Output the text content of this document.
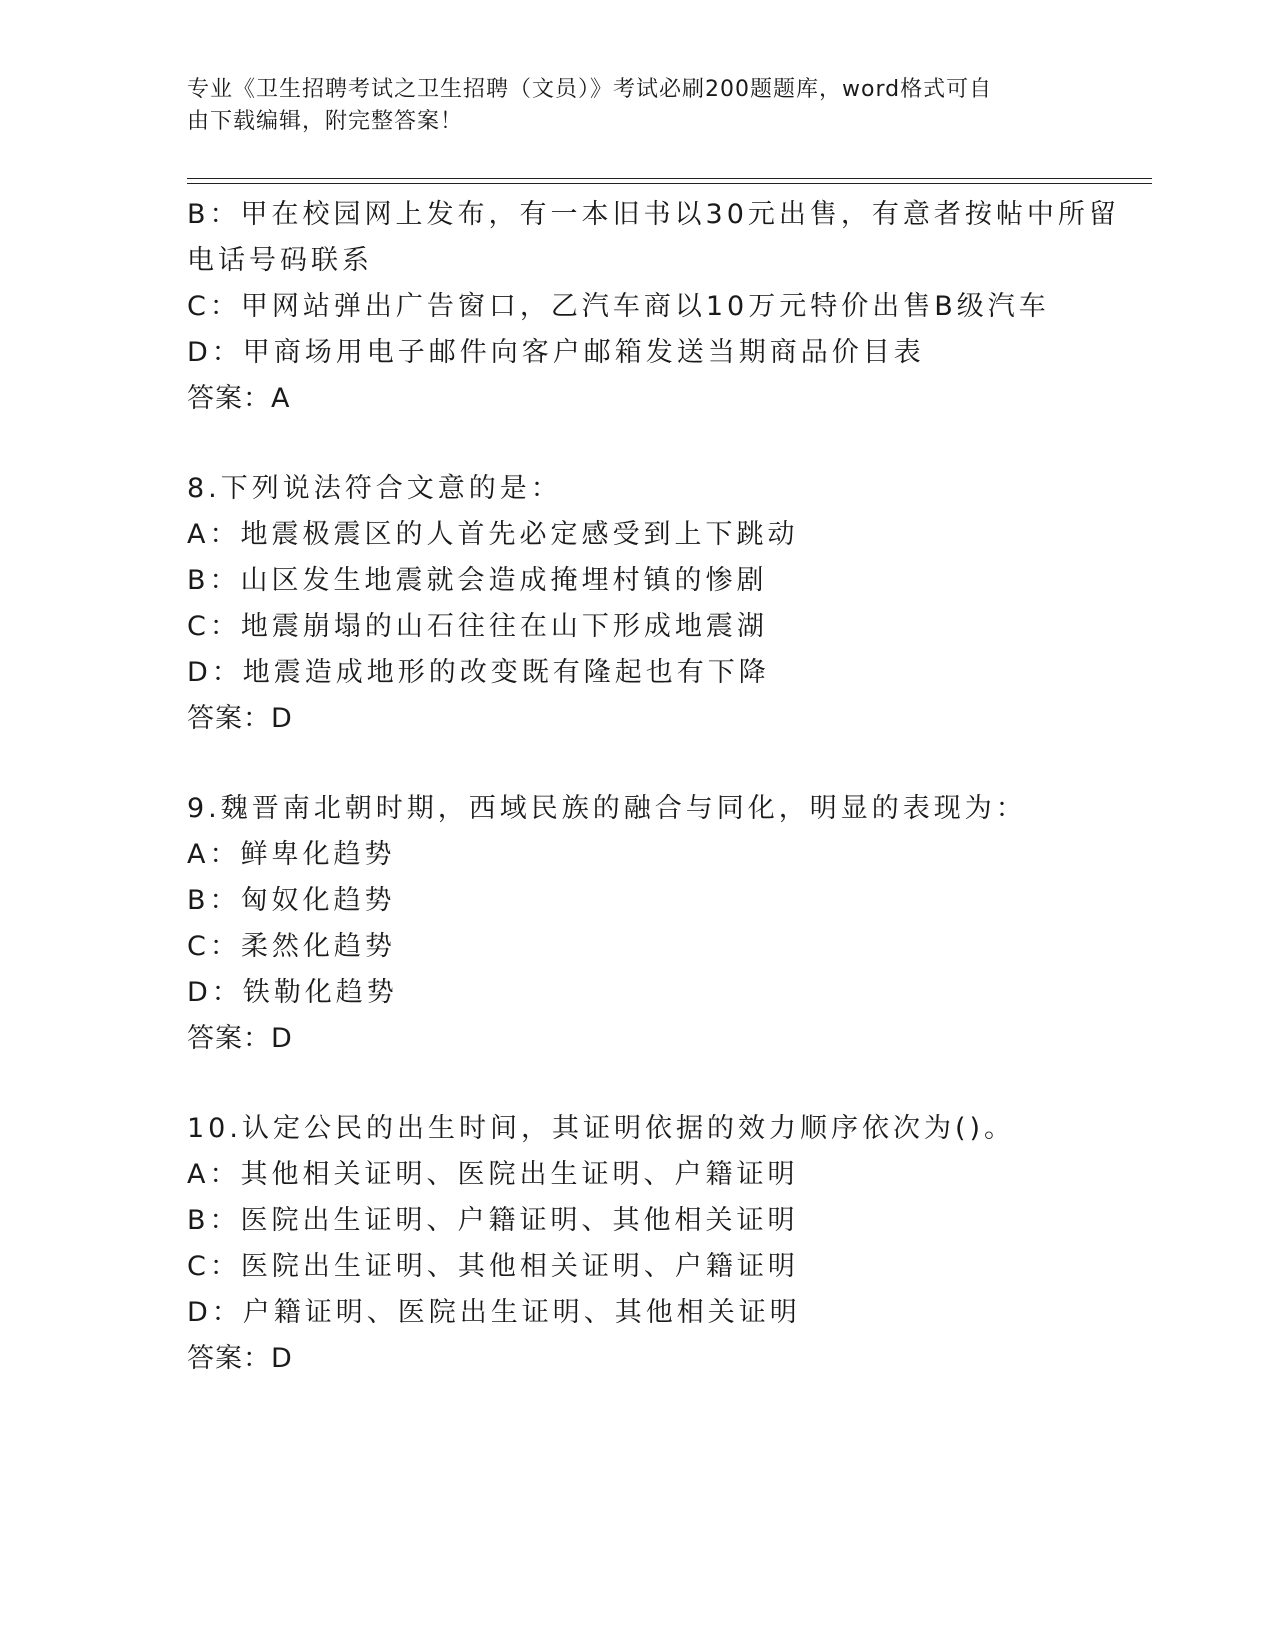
专业《卫生招聘考试之卫生招聘（文员）》考试必刷200题题库，word格式可自
由下载编辑，附完整答案！
B：甲在校园网上发布，有一本旧书以30元出售，有意者按帖中所留
电话号码联系
C：甲网站弹出广告窗口，乙汽车商以10万元特价出售B级汽车
D：甲商场用电子邮件向客户邮箱发送当期商品价目表
答案：A
8.下列说法符合文意的是：
A：地震极震区的人首先必定感受到上下跳动
B：山区发生地震就会造成掩埋村镇的惨剧
C：地震崩塌的山石往往在山下形成地震湖
D：地震造成地形的改变既有隆起也有下降
答案：D
9.魏晋南北朝时期，西域民族的融合与同化，明显的表现为：
A：鲜卑化趋势
B：匈奴化趋势
C：柔然化趋势
D：铁勒化趋势
答案：D
10.认定公民的出生时间，其证明依据的效力顺序依次为()。
A：其他相关证明、医院出生证明、户籍证明
B：医院出生证明、户籍证明、其他相关证明
C：医院出生证明、其他相关证明、户籍证明
D：户籍证明、医院出生证明、其他相关证明
答案：D
